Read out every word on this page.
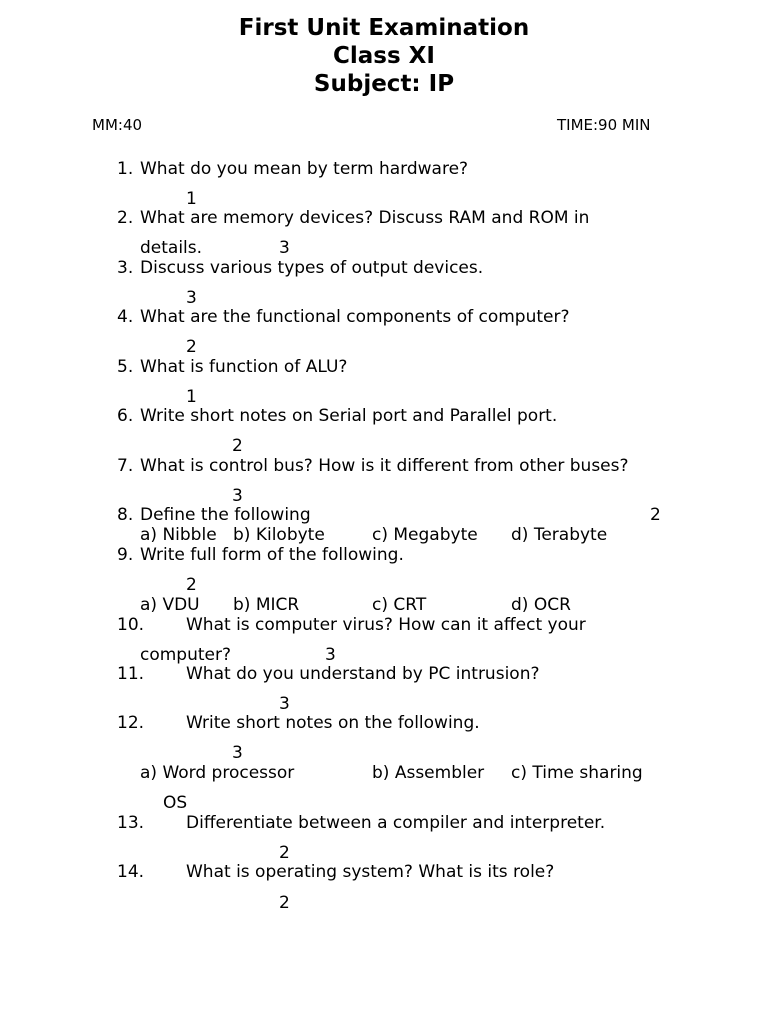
First Unit Examination
Class XI
Subject: IP
MM:40	TIME:90 MIN
1. What do you mean by term hardware?
1
2. What are memory devices? Discuss RAM and ROM in
details.	3
3. Discuss various types of output devices.
3
4. What are the functional components of computer?
2
5. What is function of ALU?
1
6. Write short notes on Serial port and Parallel port.
2
7. What is control bus? How is it different from other buses?
3
8. Define the following	2
a) Nibble b) Kilobyte	c) Megabyte d) Terabyte
9. Write full form of the following.
2
a) VDU b) MICR	c) CRT	d) OCR
10. What is computer virus? How can it affect your
computer?	3
11. What do you understand by PC intrusion?
3
12. Write short notes on the following.
3
a) Word processor	b) Assembler c) Time sharing
OS
13. Differentiate between a compiler and interpreter.
2
14. What is operating system? What is its role?
2
